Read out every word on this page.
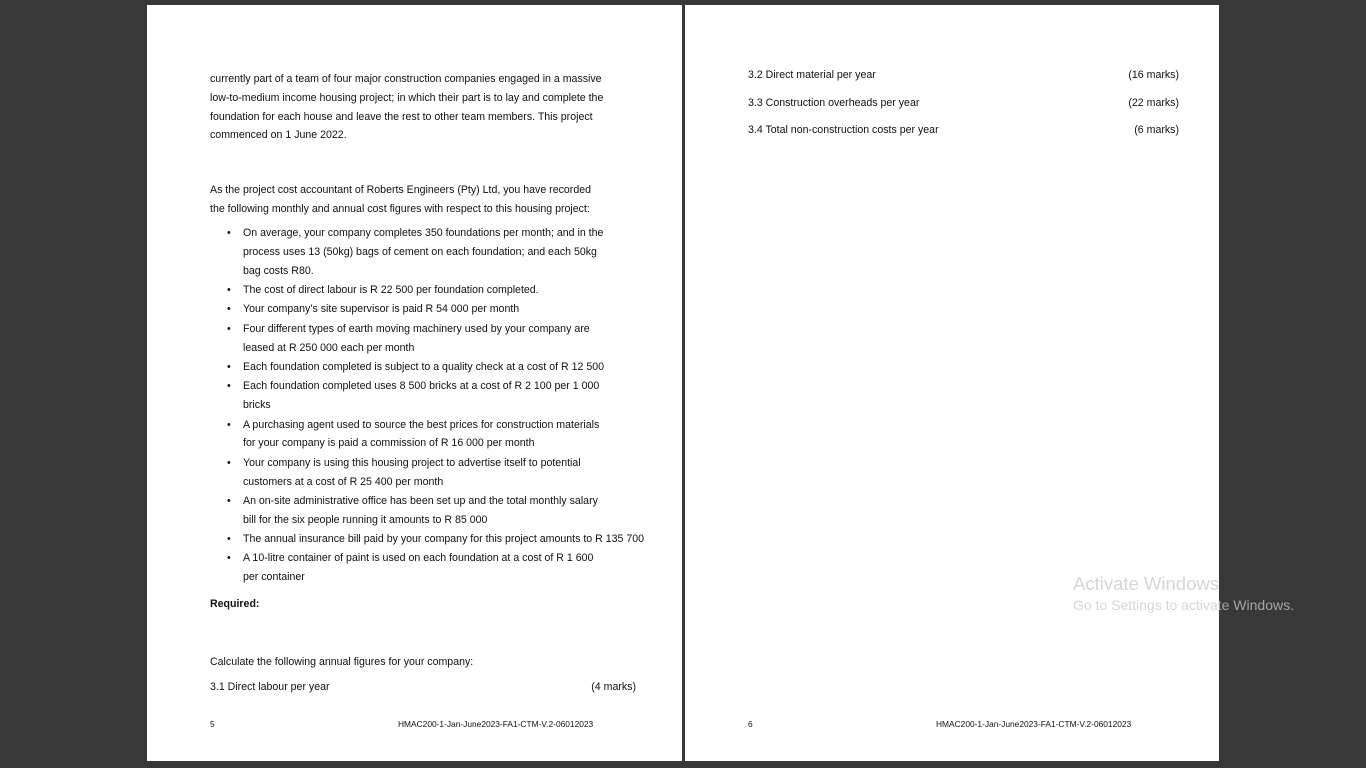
currently part of a team of four major construction companies engaged in a massive
low-to-medium income housing project; in which their part is to lay and complete the
foundation for each house and leave the rest to other team members. This project
commenced on 1 June 2022.

As the project cost accountant of Roberts Engineers (Pty) Ltd, you have recorded
the following monthly and annual cost figures with respect to this housing project:

• On average, your company completes 350 foundations per month; and in the
process uses 13 (50kg) bags of cement on each foundation; and each 50kg
bag costs R80.
• The cost of direct labour is R 22 500 per foundation completed.
• Your company’s site supervisor is paid R 54 000 per month
• Four different types of earth moving machinery used by your company are
leased at R 250 000 each per month
• Each foundation completed is subject to a quality check at a cost of R 12 500
• Each foundation completed uses 8 500 bricks at a cost of R 2 100 per 1 000
bricks
• A purchasing agent used to source the best prices for construction materials
for your company is paid a commission of R 16 000 per month
• Your company is using this housing project to advertise itself to potential
customers at a cost of R 25 400 per month
• An on-site administrative office has been set up and the total monthly salary
bill for the six people running it amounts to R 85 000
• The annual insurance bill paid by your company for this project amounts to R 135 700
• A 10-litre container of paint is used on each foundation at a cost of R 1 600
per container

Required:

Calculate the following annual figures for your company:

3.1 Direct labour per year	(4 marks)
5	HMAC200-1-Jan-June2023-FA1-CTM-V.2-06012023
3.2 Direct material per year	(16 marks)
3.3 Construction overheads per year	(22 marks)
3.4 Total non-construction costs per year	(6 marks)
6	HMAC200-1-Jan-June2023-FA1-CTM-V.2-06012023
Activate Windows
Go to Settings to activate Windows.
